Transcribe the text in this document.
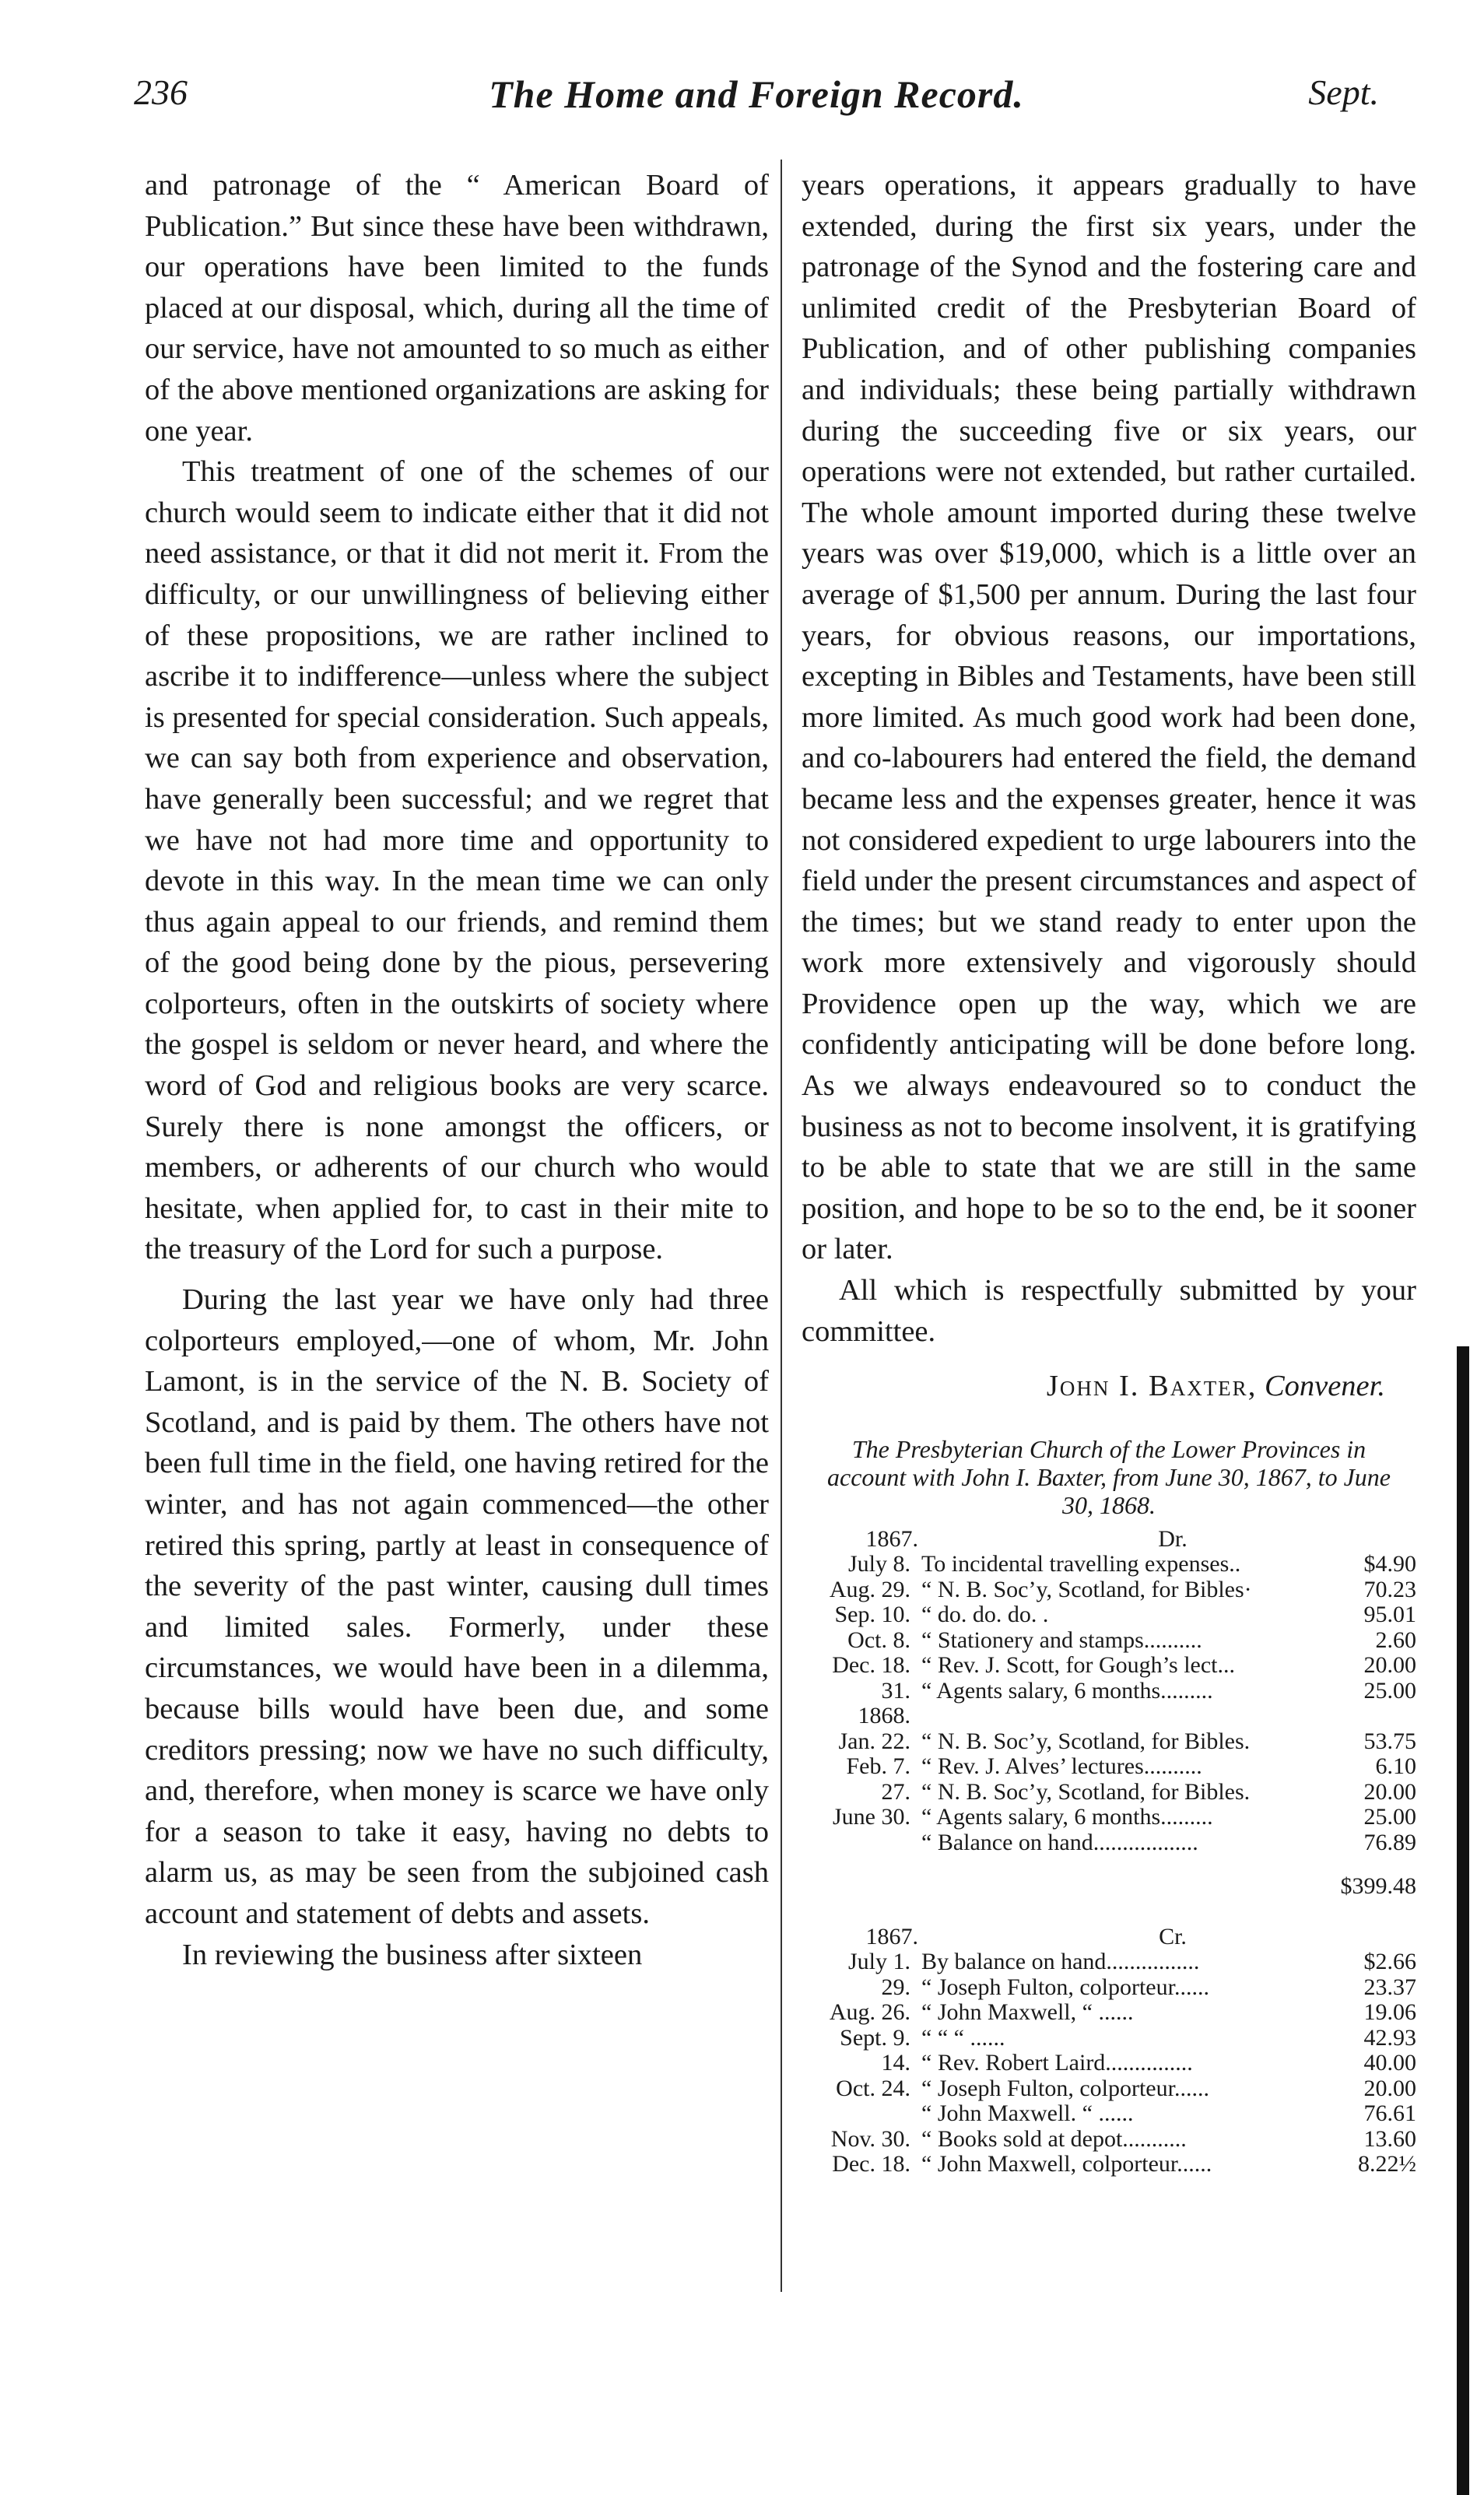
236	The Home and Foreign Record.	Sept.

and patronage of the “ American Board of Publication.” But since these have been withdrawn, our operations have been limited to the funds placed at our disposal, which, during all the time of our service, have not amounted to so much as either of the above mentioned organizations are asking for one year.

This treatment of one of the schemes of our church would seem to indicate either that it did not need assistance, or that it did not merit it. From the difficulty, or our unwillingness of believing either of these propositions, we are rather inclined to ascribe it to indifference—unless where the subject is presented for special consideration. Such appeals, we can say both from experience and observation, have generally been successful; and we regret that we have not had more time and opportunity to devote in this way. In the mean time we can only thus again appeal to our friends, and remind them of the good being done by the pious, persevering colporteurs, often in the outskirts of society where the gospel is seldom or never heard, and where the word of God and religious books are very scarce. Surely there is none amongst the officers, or members, or adherents of our church who would hesitate, when applied for, to cast in their mite to the treasury of the Lord for such a purpose.

During the last year we have only had three colporteurs employed,—one of whom, Mr. John Lamont, is in the service of the N. B. Society of Scotland, and is paid by them. The others have not been full time in the field, one having retired for the winter, and has not again commenced—the other retired this spring, partly at least in consequence of the severity of the past winter, causing dull times and limited sales. Formerly, under these circumstances, we would have been in a dilemma, because bills would have been due, and some creditors pressing; now we have no such difficulty, and, therefore, when money is scarce we have only for a season to take it easy, having no debts to alarm us, as may be seen from the subjoined cash account and statement of debts and assets.

In reviewing the business after sixteen

years operations, it appears gradually to have extended, during the first six years, under the patronage of the Synod and the fostering care and unlimited credit of the Presbyterian Board of Publication, and of other publishing companies and individuals; these being partially withdrawn during the succeeding five or six years, our operations were not extended, but rather curtailed. The whole amount imported during these twelve years was over $19,000, which is a little over an average of $1,500 per annum. During the last four years, for obvious reasons, our importations, excepting in Bibles and Testaments, have been still more limited. As much good work had been done, and co-labourers had entered the field, the demand became less and the expenses greater, hence it was not considered expedient to urge labourers into the field under the present circumstances and aspect of the times; but we stand ready to enter upon the work more extensively and vigorously should Providence open up the way, which we are confidently anticipating will be done before long. As we always endeavoured so to conduct the business as not to become insolvent, it is gratifying to be able to state that we are still in the same position, and hope to be so to the end, be it sooner or later.

All which is respectfully submitted by your committee.

John I. Baxter, Convener.
The Presbyterian Church of the Lower Provinces in account with John I. Baxter, from June 30, 1867, to June 30, 1868.
1867.	Dr.
July 8. To incidental travelling expenses..	$4.90
Aug. 29. “ N. B. Soc’y, Scotland, for Bibles·	70.23
Sep. 10. “ do. do. do. .	95.01
Oct. 8. “ Stationery and stamps..........	2.60
Dec. 18. “ Rev. J. Scott, for Gough’s lect...	20.00
31. “ Agents salary, 6 months.........	25.00
1868.
Jan. 22. “ N. B. Soc’y, Scotland, for Bibles.	53.75
Feb. 7. “ Rev. J. Alves’ lectures..........	6.10
27. “ N. B. Soc’y, Scotland, for Bibles.	20.00
June 30. “ Agents salary, 6 months.........	25.00
“ Balance on hand..................	76.89
$399.48
1867.	Cr.
July 1. By balance on hand................	$2.66
29. “ Joseph Fulton, colporteur......	23.37
Aug. 26. “ John Maxwell, “ ......	19.06
Sept. 9. “ “ “ ......	42.93
14. “ Rev. Robert Laird...............	40.00
Oct. 24. “ Joseph Fulton, colporteur......	20.00
“ John Maxwell. “ ......	76.61
Nov. 30. “ Books sold at depot...........	13.60
Dec. 18. “ John Maxwell, colporteur......	8.22½
